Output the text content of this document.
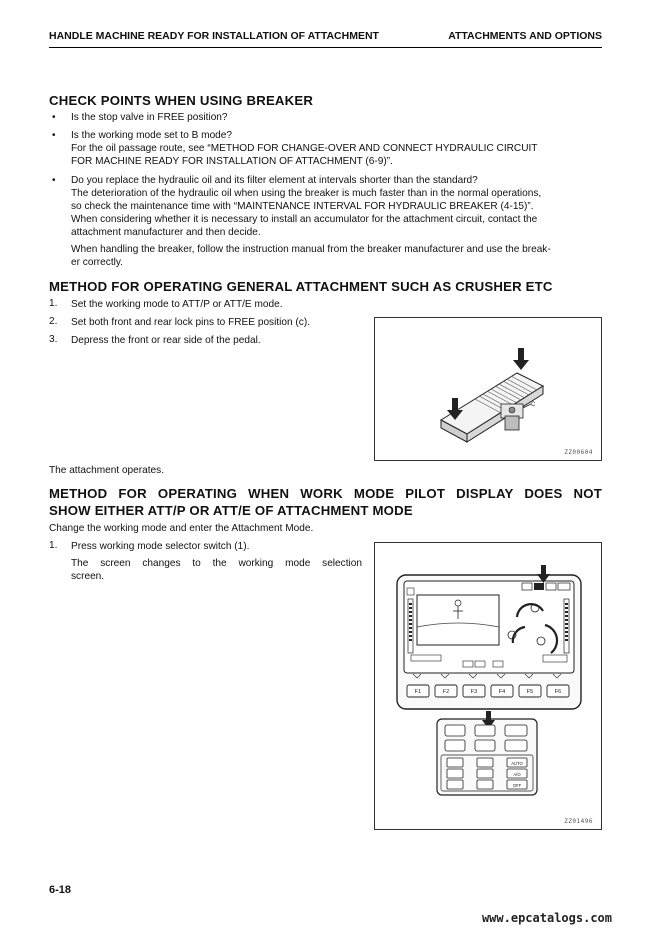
HANDLE MACHINE READY FOR INSTALLATION OF ATTACHMENT	ATTACHMENTS AND OPTIONS
CHECK POINTS WHEN USING BREAKER
• Is the stop valve in FREE position?
• Is the working mode set to B mode?
For the oil passage route, see “METHOD FOR CHANGE-OVER AND CONNECT HYDRAULIC CIRCUIT
FOR MACHINE READY FOR INSTALLATION OF ATTACHMENT (6-9)”.
• Do you replace the hydraulic oil and its filter element at intervals shorter than the standard?
The deterioration of the hydraulic oil when using the breaker is much faster than in the normal operations,
so check the maintenance time with “MAINTENANCE INTERVAL FOR HYDRAULIC BREAKER (4-15)”.
When considering whether it is necessary to install an accumulator for the attachment circuit, contact the
attachment manufacturer and then decide.
When handling the breaker, follow the instruction manual from the breaker manufacturer and use the break-
er correctly.
METHOD FOR OPERATING GENERAL ATTACHMENT SUCH AS CRUSHER ETC
1. Set the working mode to ATT/P or ATT/E mode.
2. Set both front and rear lock pins to FREE position (c).
3. Depress the front or rear side of the pedal.
C
ZZ00604
The attachment operates.
METHOD FOR OPERATING WHEN WORK MODE PILOT DISPLAY DOES NOT
SHOW EITHER ATT/P OR ATT/E OF ATTACHMENT MODE
Change the working mode and enter the Attachment Mode.
1. Press working mode selector switch (1).
The screen changes to the working mode selection
screen.
F1	F2	F3	F4	F5	F6
AUTO
A/O
OFF
ZZ01496
6-18
www.epcatalogs.com
